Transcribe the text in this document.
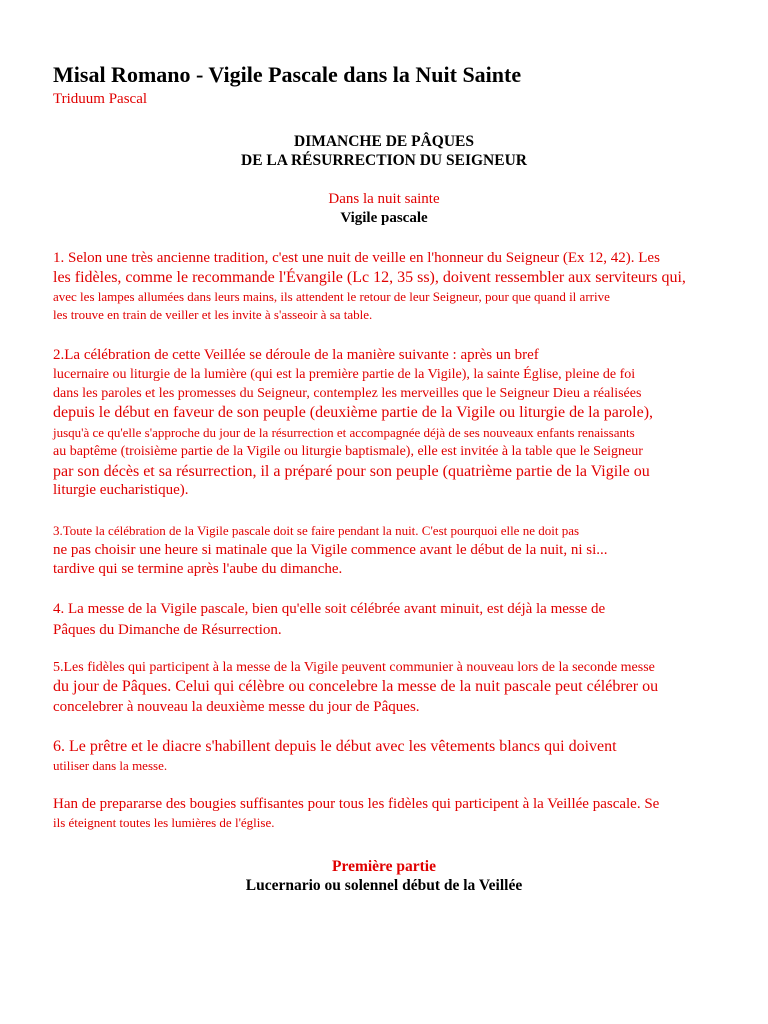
Misal Romano - Vigile Pascale dans la Nuit Sainte
Triduum Pascal
DIMANCHE DE PÂQUES
DE LA RÉSURRECTION DU SEIGNEUR
Dans la nuit sainte
Vigile pascale
1. Selon une très ancienne tradition, c'est une nuit de veille en l'honneur du Seigneur (Ex 12, 42). Les
les fidèles, comme le recommande l'Évangile (Lc 12, 35 ss), doivent ressembler aux serviteurs qui,
avec les lampes allumées dans leurs mains, ils attendent le retour de leur Seigneur, pour que quand il arrive
les trouve en train de veiller et les invite à s'asseoir à sa table.
2.La célébration de cette Veillée se déroule de la manière suivante : après un bref
lucernaire ou liturgie de la lumière (qui est la première partie de la Vigile), la sainte Église, pleine de foi
dans les paroles et les promesses du Seigneur, contemplez les merveilles que le Seigneur Dieu a réalisées
depuis le début en faveur de son peuple (deuxième partie de la Vigile ou liturgie de la parole),
jusqu'à ce qu'elle s'approche du jour de la résurrection et accompagnée déjà de ses nouveaux enfants renaissants
au baptême (troisième partie de la Vigile ou liturgie baptismale), elle est invitée à la table que le Seigneur
par son décès et sa résurrection, il a préparé pour son peuple (quatrième partie de la Vigile ou
liturgie eucharistique).
3.Toute la célébration de la Vigile pascale doit se faire pendant la nuit. C'est pourquoi elle ne doit pas
ne pas choisir une heure si matinale que la Vigile commence avant le début de la nuit, ni si...
tardive qui se termine après l'aube du dimanche.
4. La messe de la Vigile pascale, bien qu'elle soit célébrée avant minuit, est déjà la messe de
Pâques du Dimanche de Résurrection.
5.Les fidèles qui participent à la messe de la Vigile peuvent communier à nouveau lors de la seconde messe
du jour de Pâques. Celui qui célèbre ou concelebre la messe de la nuit pascale peut célébrer ou
concelebrer à nouveau la deuxième messe du jour de Pâques.
6. Le prêtre et le diacre s'habillent depuis le début avec les vêtements blancs qui doivent
utiliser dans la messe.
Han de prepararse des bougies suffisantes pour tous les fidèles qui participent à la Veillée pascale. Se
ils éteignent toutes les lumières de l'église.
Première partie
Lucernario ou solennel début de la Veillée
